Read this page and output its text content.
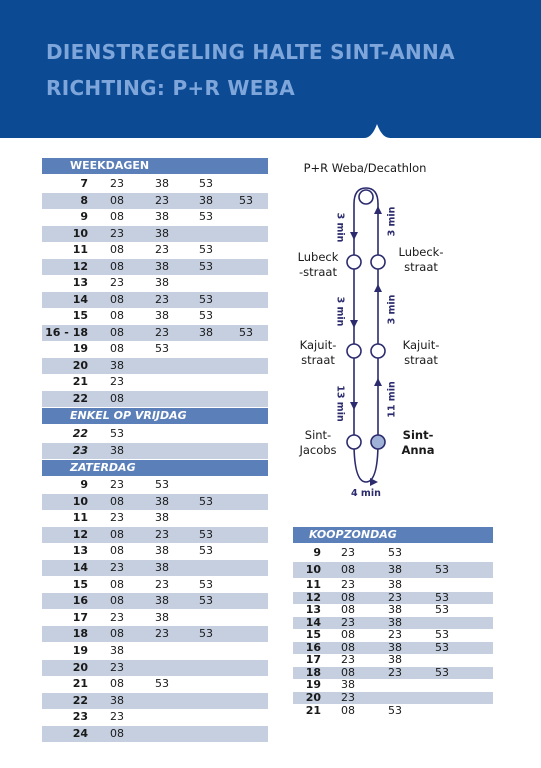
DIENSTREGELING HALTE SINT-ANNA
RICHTING: P+R WEBA
WEEKDAGEN
7 23	38	53
8 08	23	38 53
9 08	38	53
10 23	38
11 08	23	53
12 08	38	53
13 23	38
14 08	23	53
15 08	38	53
16 - 18 08	23	38 53
19 08	53
20 38
21 23
22 08
ENKEL OP VRIJDAG
22 53
23 38
ZATERDAG
9 23	53
10 08	38	53
11 23	38
12 08	23	53
13 08	38	53
14 23	38
15 08	23	53
16 08	38	53
17 23	38
18 08	23	53
19 38
20 23
21 08	53
22 38
23 23
24 08
KOOPZONDAG
9 23	53
10 08	38	53
11 23	38
12 08	23	53
13 08	38	53
14 23	38
15 08	23	53
16 08	38	53
17 23	38
18 08	23	53
19 38
20 23
21 08	53
P+R Weba/Decathlon
3 min	3 min
3 min	3 min
13 min	11 min
4 min
Lubeck
-straat
Kajuit-
straat
Sint-
Jacobs
Lubeck-
straat
Kajuit-
straat
Sint-
Anna
